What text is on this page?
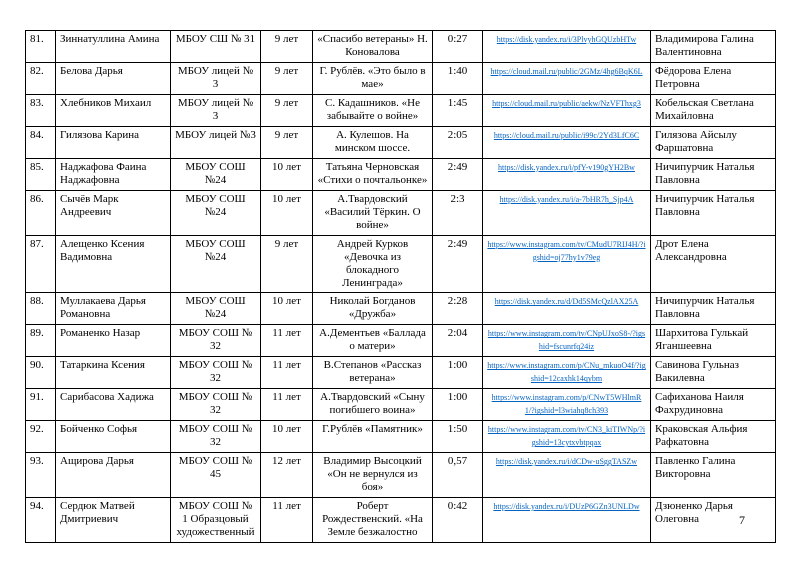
81.	Зиннатуллина Амина	МБОУ СШ № 31	9 лет	«Спасибо ветераны» Н. Коновалова	0:27	https://disk.yandex.ru/i/3PlvyhGQUzbHTw	Владимирова Галина Валентиновна
82.	Белова Дарья	МБОУ лицей № 3	9 лет	Г. Рублёв. «Это было в мае»	1:40	https://cloud.mail.ru/public/2GMz/4hg6BqK6L	Фёдорова Елена Петровна
83.	Хлебников Михаил	МБОУ лицей № 3	9 лет	С. Кадашников. «Не забывайте о войне»	1:45	https://cloud.mail.ru/public/aekw/NzVFThxg3	Кобельская Светлана Михайловна
84.	Гилязова Карина	МБОУ лицей №3	9 лет	А. Кулешов. На минском шоссе.	2:05	https://cloud.mail.ru/public/i99c/2Yd3LfC6C	Гилязова Айсылу Фаршатовна
85.	Наджафова Фаина Наджафовна	МБОУ СОШ №24	10 лет	Татьяна Черновская «Стихи о почтальонке»	2:49	https://disk.yandex.ru/i/pfY-v190gYH2Bw	Ничипурчик Наталья Павловна
86.	Сычёв Марк Андреевич	МБОУ СОШ №24	10 лет	А.Твардовский «Василий Тёркин. О войне»	2:3	https://disk.yandex.ru/i/a-7bHR7h_Sjp4A	Ничипурчик Наталья Павловна
87.	Алещенко Ксения Вадимовна	МБОУ СОШ №24	9 лет	Андрей Курков «Девочка из блокадного Ленинграда»	2:49	https://www.instagram.com/tv/CMudU7RIJ4H/?igshid=oj77hy1v79eg	Дрот Елена Александровна
88.	Муллакаева Дарья Романовна	МБОУ СОШ №24	10 лет	Николай Богданов «Дружба»	2:28	https://disk.yandex.ru/d/Dd5SMcQzlAX25A	Ничипурчик Наталья Павловна
89.	Романенко Назар	МБОУ СОШ № 32	11 лет	А.Дементьев «Баллада о матери»	2:04	https://www.instagram.com/tv/CNpUJxoS8-/?igshid=fscunrfq24iz	Шархитова Гулькай Яганшеевна
90.	Татаркина Ксения	МБОУ СОШ № 32	11 лет	В.Степанов «Рассказ ветерана»	1:00	https://www.instagram.com/p/CNu_mkuoO4f/?igshid=12caxhk14qybm	Савинова Гульназ Вакилевна
91.	Сарибасова Хадижа	МБОУ СОШ № 32	11 лет	А.Твардовский «Сыну погибшего воина»	1:00	https://www.instagram.com/p/CNwT5WHlmR1/?igshid=l3wiahq8ch393	Сафиханова Наиля Фахрудиновна
92.	Бойченко Софья	МБОУ СОШ № 32	10 лет	Г.Рублёв «Памятник»	1:50	https://www.instagram.com/tv/CN3_kiTIWNp/?igshid=13cytxvbtpqax	Краковская Альфия Рафкатовна
93.	Ащирова Дарья	МБОУ СОШ № 45	12 лет	Владимир Высоцкий «Он не вернулся из боя»	0,57	https://disk.yandex.ru/i/dCDw-uSggTASZw	Павленко Галина Викторовна
94.	Сердюк Матвей Дмитриевич	МБОУ СОШ № 1 Образцовый художественный	11 лет	Роберт Рождественский. «На Земле безжалостно	0:42	https://disk.yandex.ru/i/DUzP6GZn3UNLDw	Дзюненко Дарья Олеговна	7
